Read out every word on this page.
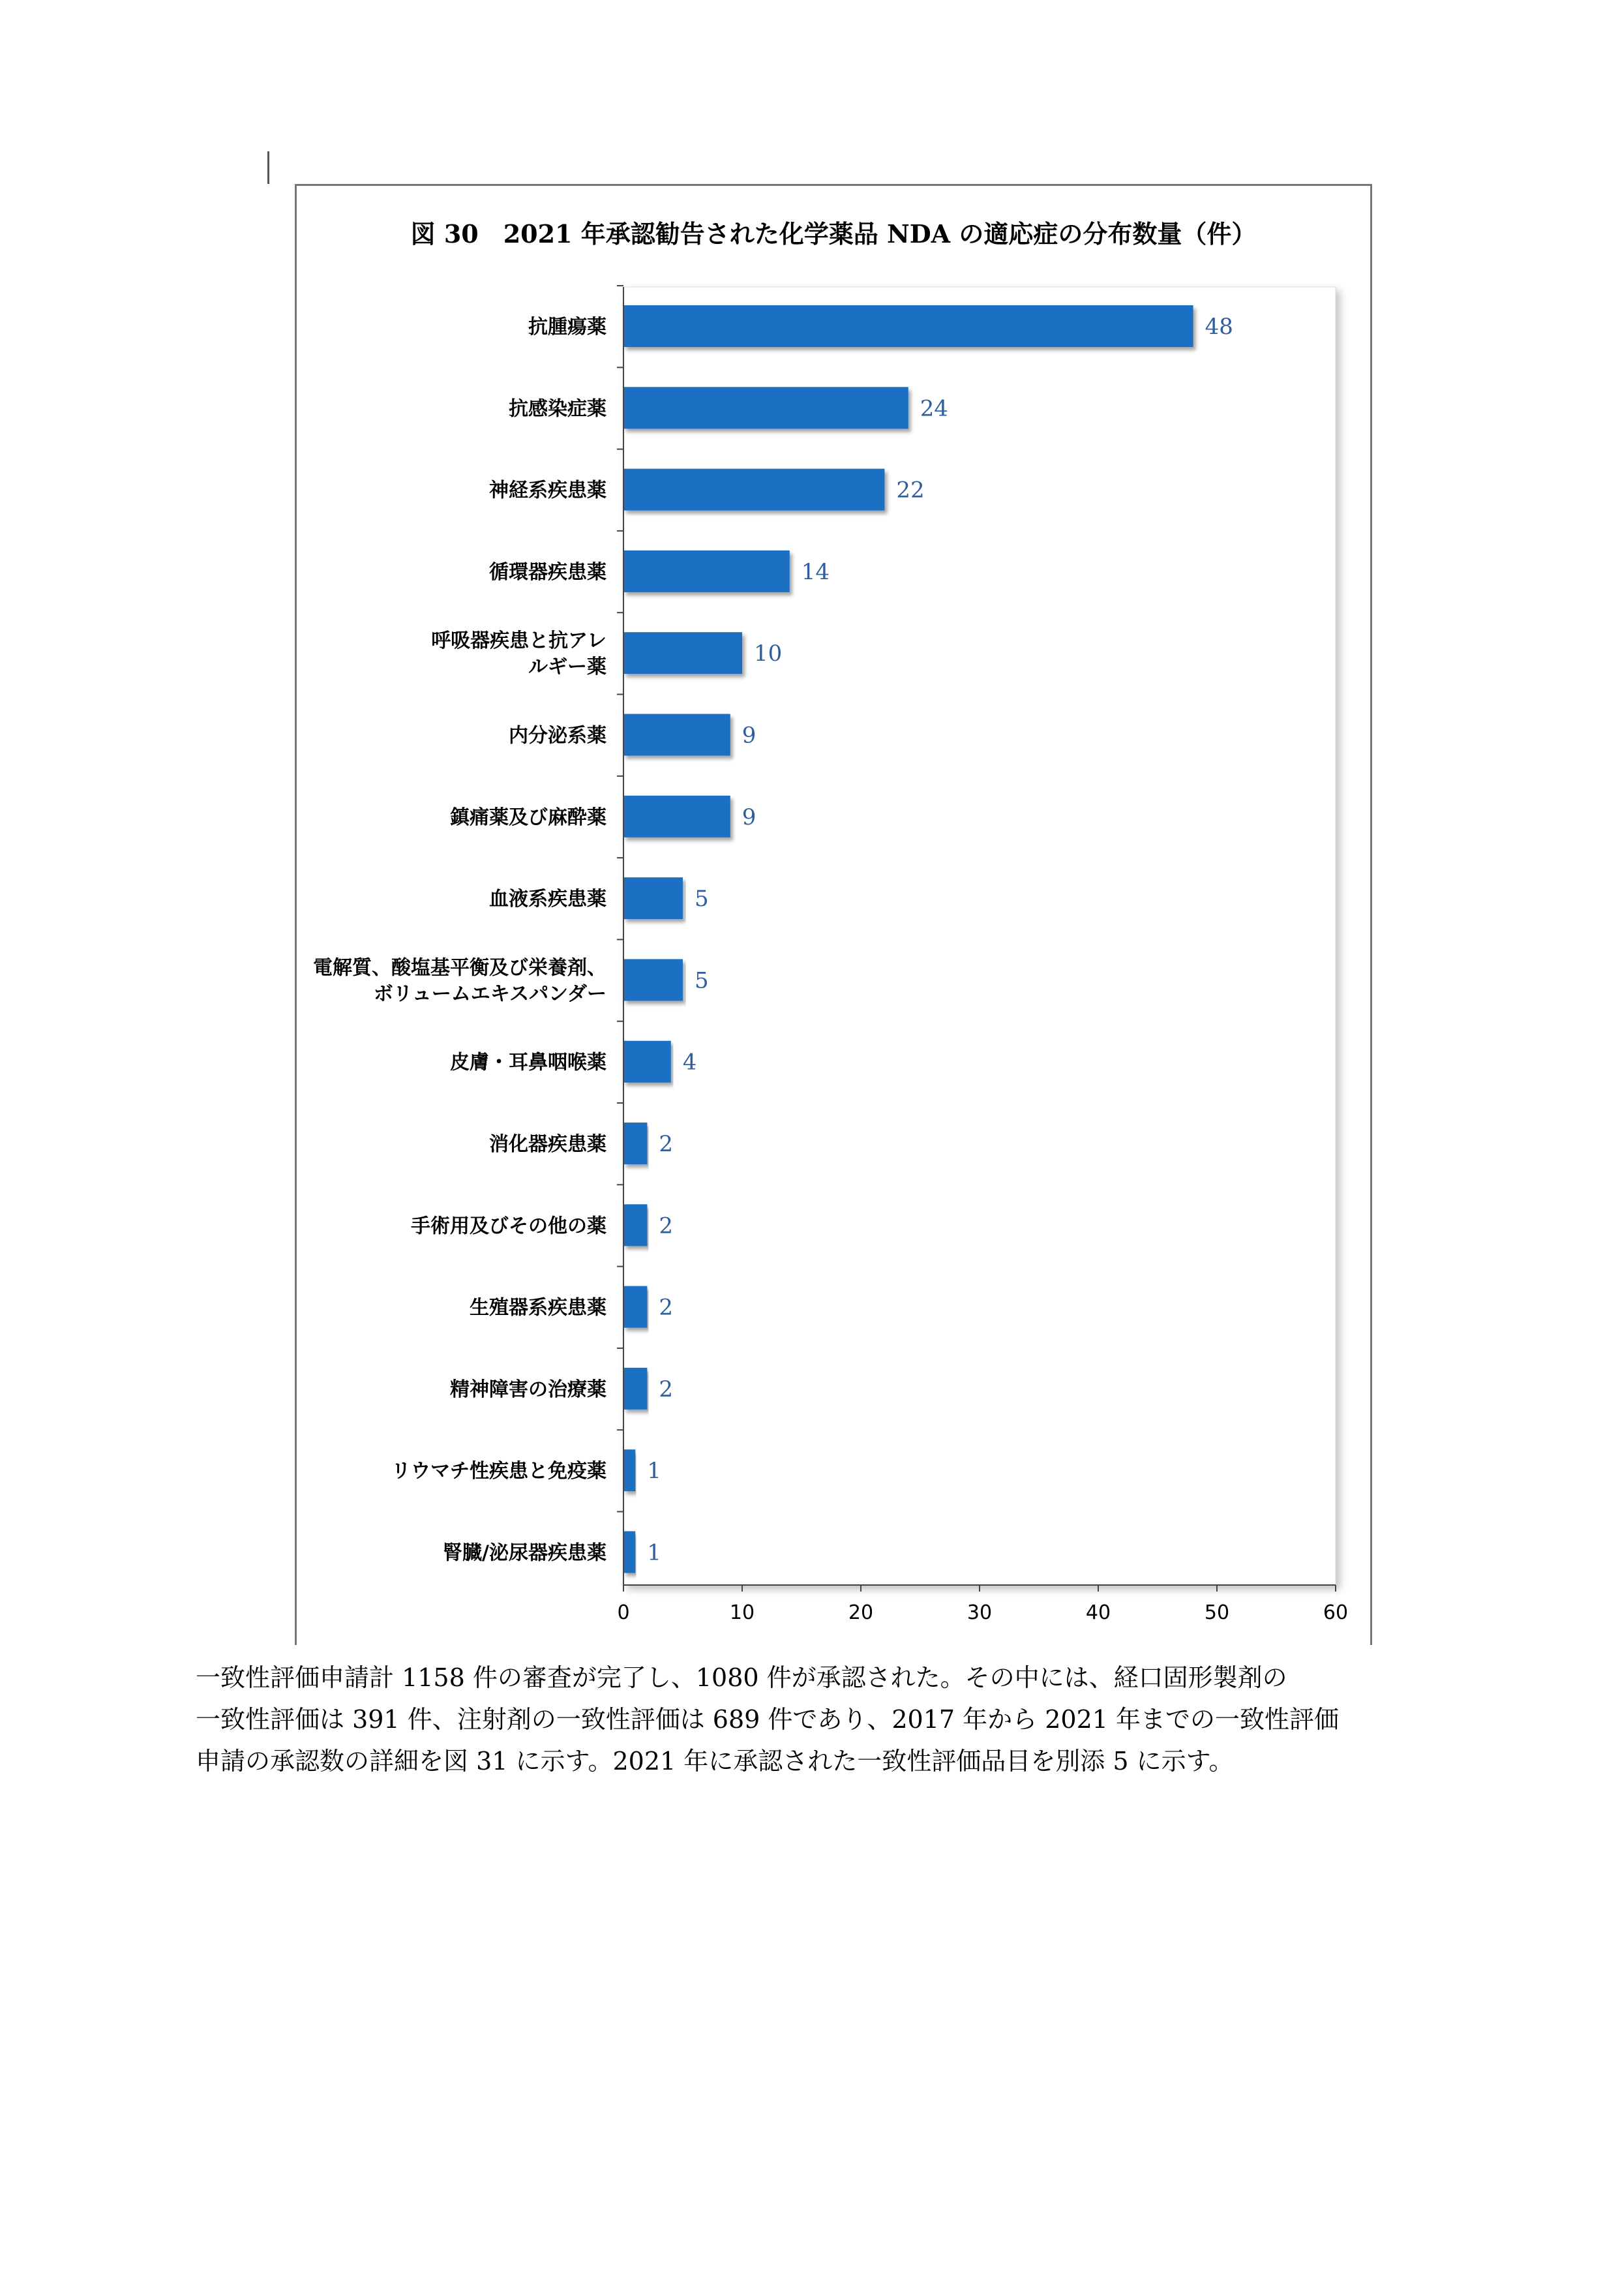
図 30　2021 年承認勧告された化学薬品 NDA の適応症の分布数量（件）
48
24
22
14
10
9
9
5
5
4
2
2
2
2
1
1
抗腫瘍薬
抗感染症薬
神経系疾患薬
循環器疾患薬
呼吸器疾患と抗アレ
ルギー薬
内分泌系薬
鎮痛薬及び麻酔薬
血液系疾患薬
電解質、酸塩基平衡及び栄養剤、
ボリュームエキスパンダー
皮膚・耳鼻咽喉薬
消化器疾患薬
手術用及びその他の薬
生殖器系疾患薬
精神障害の治療薬
リウマチ性疾患と免疫薬
腎臓/泌尿器疾患薬
0	10	20	30	40	50	60

一致性評価申請計 1158 件の審査が完了し、1080 件が承認された。その中には、経口固形製剤の

一致性評価は 391 件、注射剤の一致性評価は 689 件であり、2017 年から 2021 年までの一致性評価

申請の承認数の詳細を図 31 に示す。2021 年に承認された一致性評価品目を別添 5 に示す。
